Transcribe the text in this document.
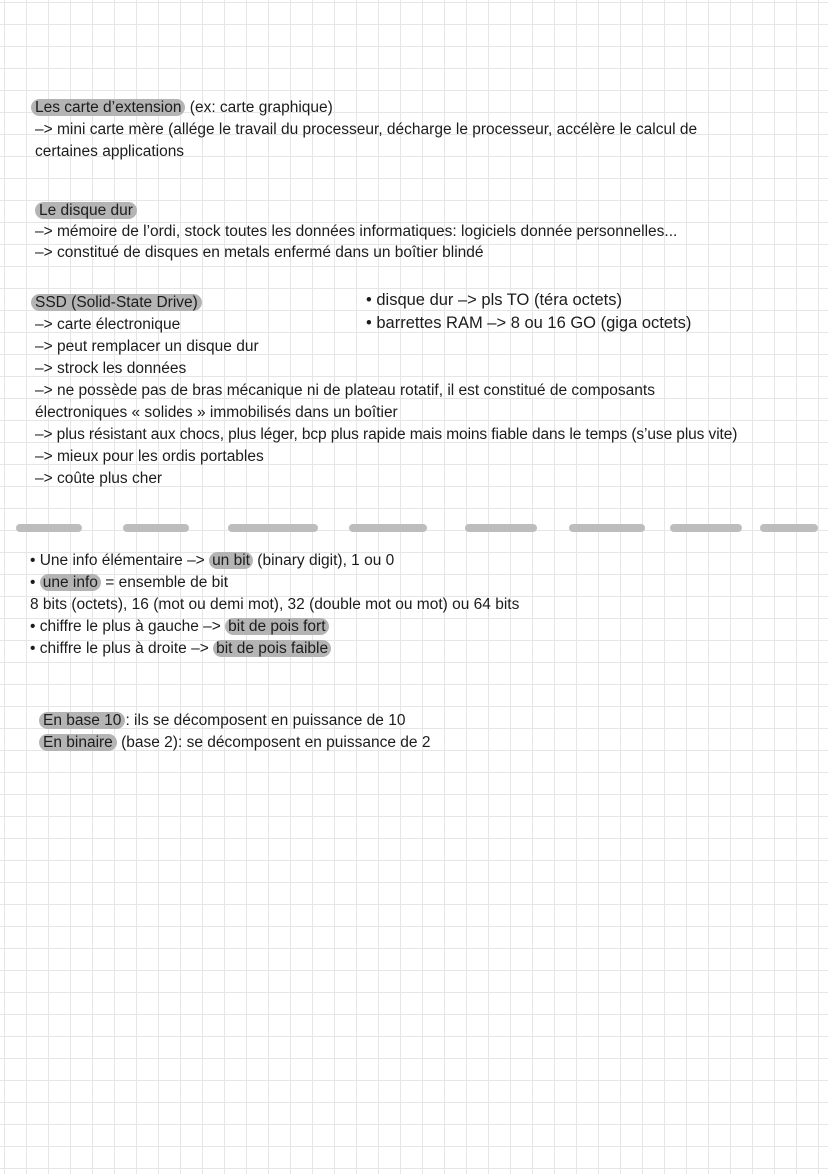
Les carte d’extension (ex: carte graphique)
–> mini carte mère (allége le travail du processeur, décharge le processeur, accélère le calcul de
certaines applications
Le disque dur
–> mémoire de l’ordi, stock toutes les données informatiques: logiciels donnée personnelles...
–> constitué de disques en metals enfermé dans un boîtier blindé
SSD (Solid-State Drive)	• disque dur –> pls TO (téra octets)
• barrettes RAM –> 8 ou 16 GO (giga octets)
–> carte électronique
–> peut remplacer un disque dur
–> strock les données
–> ne possède pas de bras mécanique ni de plateau rotatif, il est constitué de composants
électroniques « solides » immobilisés dans un boîtier
–> plus résistant aux chocs, plus léger, bcp plus rapide mais moins fiable dans le temps (s’use plus vite)
–> mieux pour les ordis portables
–> coûte plus cher
• Une info élémentaire –> un bit (binary digit), 1 ou 0
• une info = ensemble de bit
8 bits (octets), 16 (mot ou demi mot), 32 (double mot ou mot) ou 64 bits
• chiffre le plus à gauche –> bit de pois fort
• chiffre le plus à droite –> bit de pois faible
En base 10 : ils se décomposent en puissance de 10
En binaire (base 2): se décomposent en puissance de 2
